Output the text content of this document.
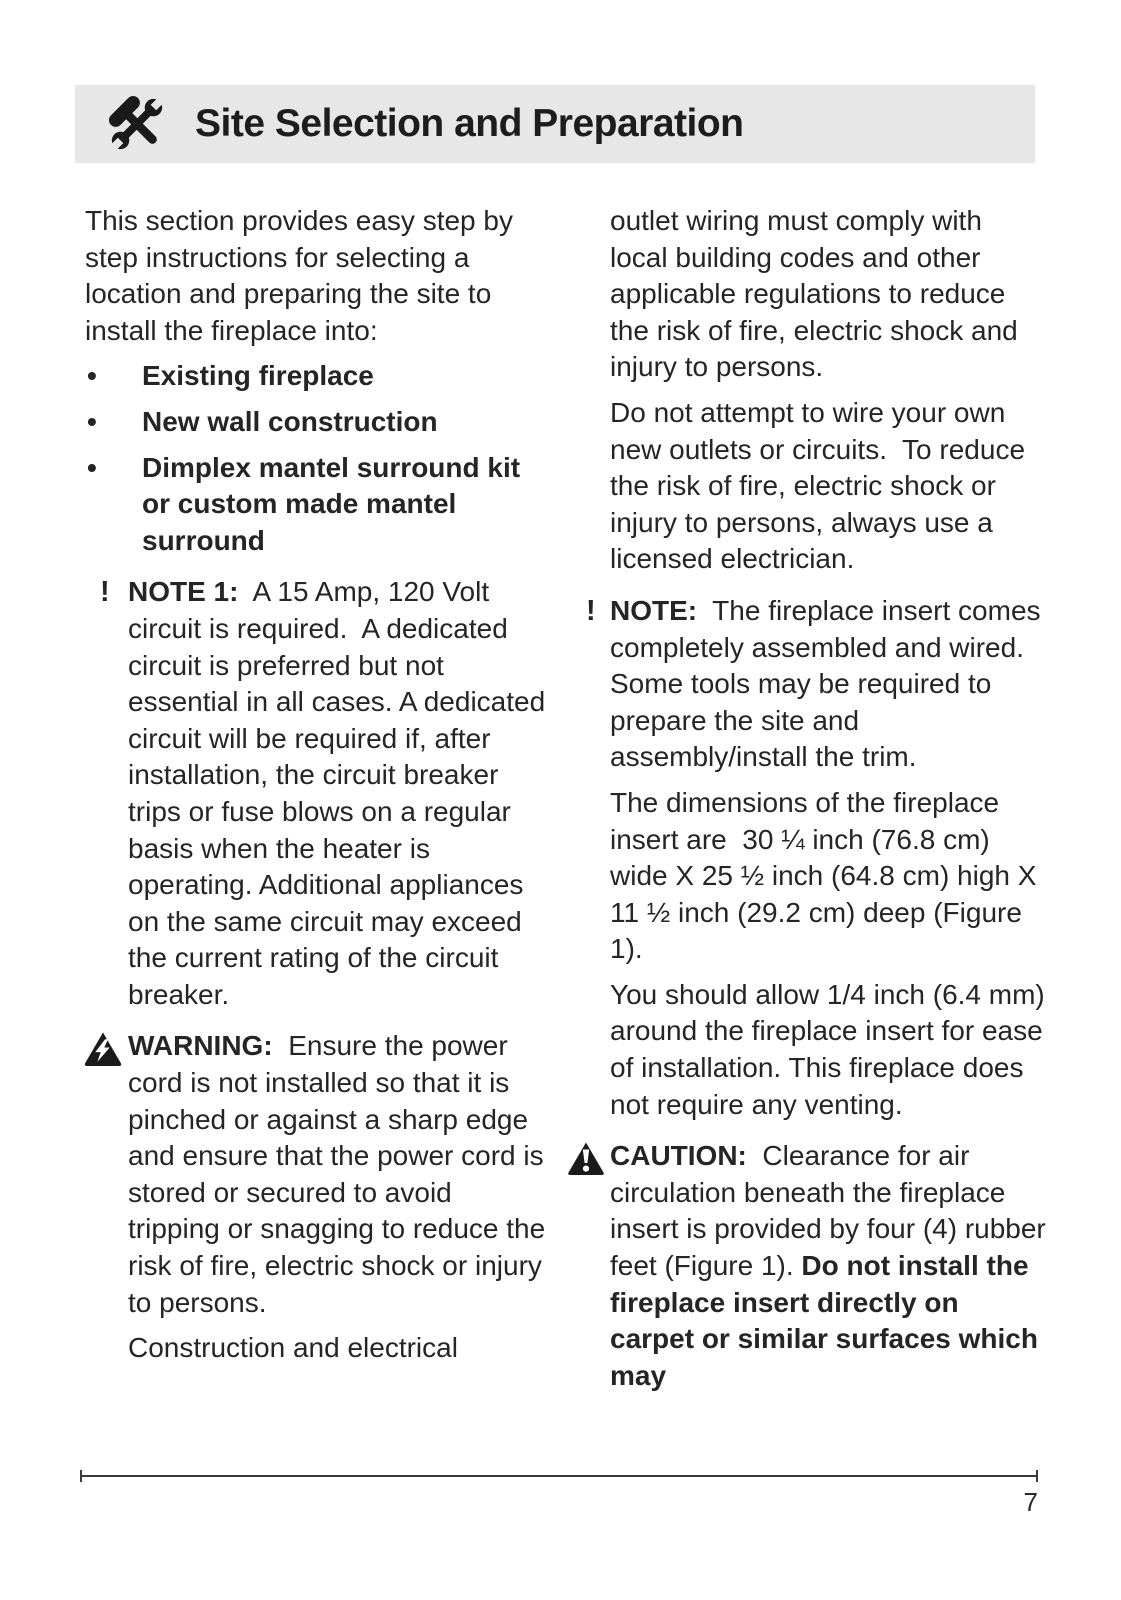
Site Selection and Preparation

This section provides easy step by step instructions for selecting a location and preparing the site to install the fireplace into:

• Existing fireplace
• New wall construction
• Dimplex mantel surround kit or custom made mantel surround
! NOTE 1:  A 15 Amp, 120 Volt circuit is required.  A dedicated circuit is preferred but not essential in all cases. A dedicated circuit will be required if, after installation, the circuit breaker trips or fuse blows on a regular basis when the heater is operating. Additional appliances on the same circuit may exceed the current rating of the circuit breaker.

WARNING:  Ensure the power cord is not installed so that it is pinched or against a sharp edge and ensure that the power cord is stored or secured to avoid tripping or snagging to reduce the risk of fire, electric shock or injury to persons.

Construction and electrical

outlet wiring must comply with local building codes and other applicable regulations to reduce the risk of fire, electric shock and injury to persons.

Do not attempt to wire your own new outlets or circuits.  To reduce the risk of fire, electric shock or injury to persons, always use a licensed electrician.

! NOTE:  The fireplace insert comes completely assembled and wired.  Some tools may be required to prepare the site and assembly/install the trim.

The dimensions of the fireplace insert are  30 ¼ inch (76.8 cm) wide X 25 ½ inch (64.8 cm) high X 11 ½ inch (29.2 cm) deep (Figure 1).

You should allow 1/4 inch (6.4 mm) around the fireplace insert for ease of installation. This fireplace does not require any venting.

CAUTION:  Clearance for air circulation beneath the fireplace insert is provided by four (4) rubber feet (Figure 1). Do not install the fireplace insert directly on carpet or similar surfaces which may

7
